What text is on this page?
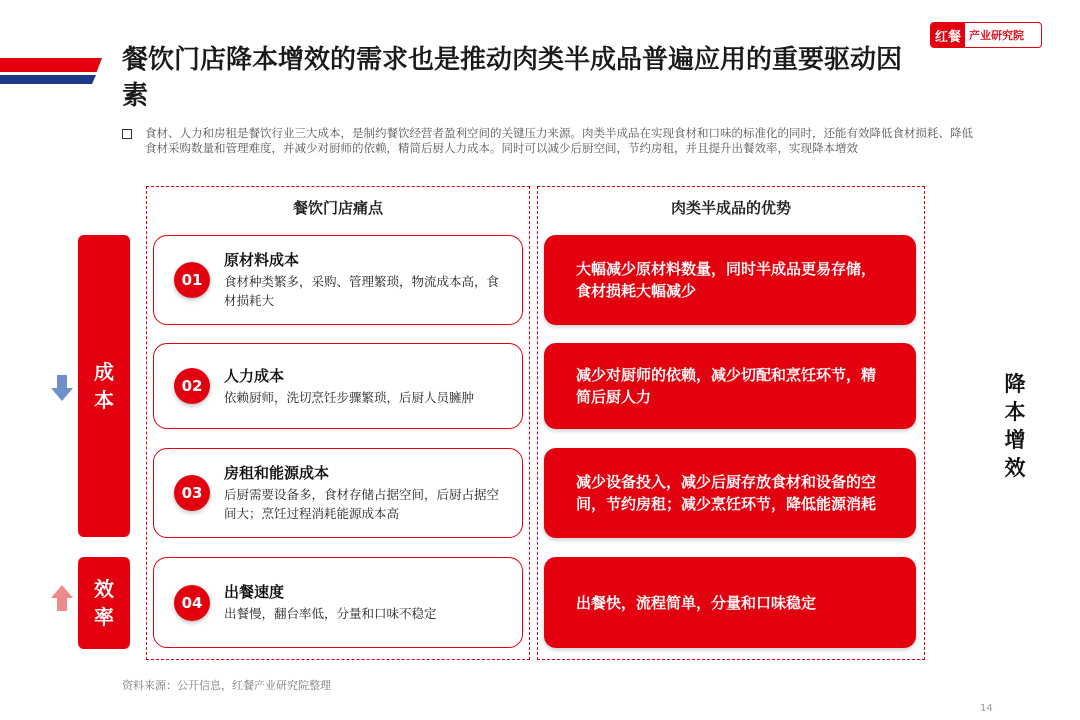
餐饮门店降本增效的需求也是推动肉类半成品普遍应用的重要驱动因素
红餐 产业研究院

食材、人力和房租是餐饮行业三大成本，是制约餐饮经营者盈利空间的关键压力来源。肉类半成品在实现食材和口味的标准化的同时，还能有效降低食材损耗、降低食材采购数量和管理难度，并减少对厨师的依赖，精简后厨人力成本。同时可以减少后厨空间，节约房租，并且提升出餐效率，实现降本增效

餐饮门店痛点	肉类半成品的优势
成本
效率
01
原材料成本
食材种类繁多，采购、管理繁琐，物流成本高，食材损耗大
02
人力成本
依赖厨师，洗切烹饪步骤繁琐，后厨人员臃肿
03
房租和能源成本
后厨需要设备多，食材存储占据空间，后厨占据空间大；烹饪过程消耗能源成本高
04
出餐速度
出餐慢，翻台率低，分量和口味不稳定
大幅减少原材料数量，同时半成品更易存储，食材损耗大幅减少
减少对厨师的依赖，减少切配和烹饪环节，精简后厨人力
减少设备投入，减少后厨存放食材和设备的空间，节约房租；减少烹饪环节，降低能源消耗
出餐快，流程简单，分量和口味稳定
降本增效
资料来源：公开信息，红餐产业研究院整理
14
